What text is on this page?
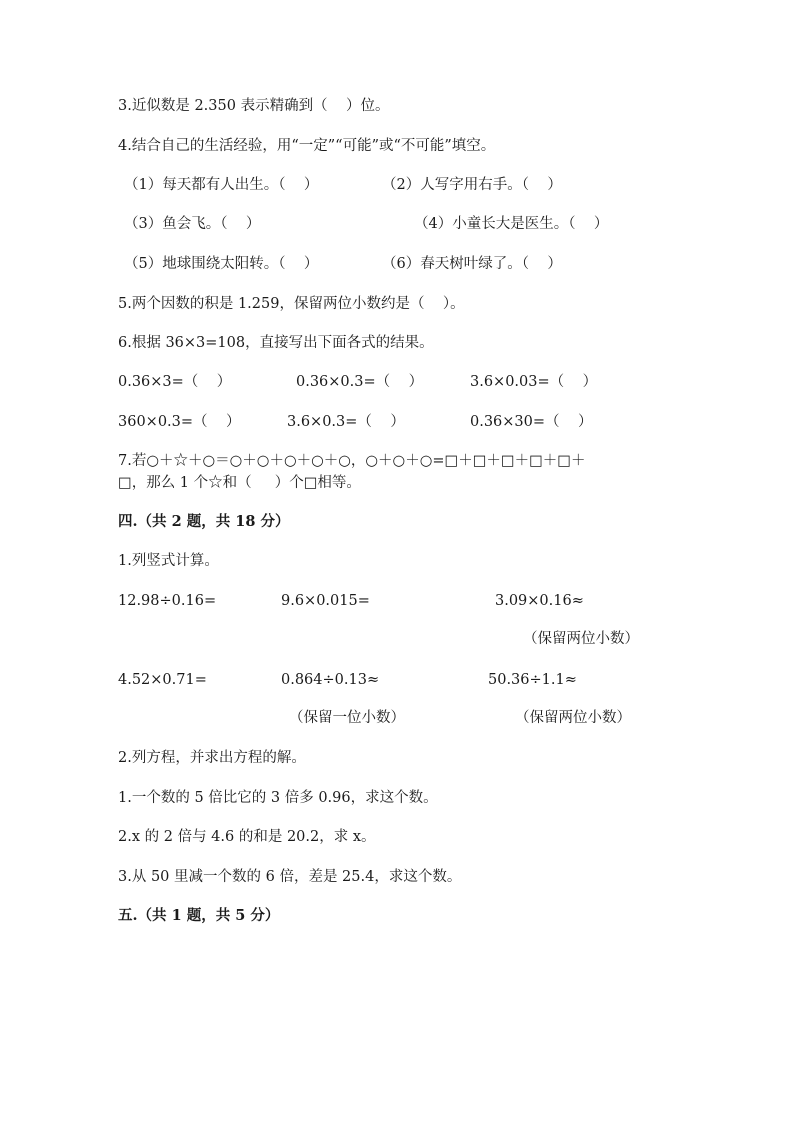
3.近似数是 2.350 表示精确到（    ）位。
4.结合自己的生活经验，用“一定”“可能”或“不可能”填空。
（1）每天都有人出生。（    ）	（2）人写字用右手。（    ）
（3）鱼会飞。（    ）	（4）小童长大是医生。（    ）
（5）地球围绕太阳转。（    ）	（6）春天树叶绿了。（    ）
5.两个因数的积是 1.259，保留两位小数约是（    ）。
6.根据 36×3=108，直接写出下面各式的结果。
0.36×3=（    ）	0.36×0.3=（    ）	3.6×0.03=（    ）
360×0.3=（    ）	3.6×0.3=（    ）	0.36×30=（    ）
7.若○＋☆＋○＝○＋○＋○＋○＋○，○＋○＋○=□＋□＋□＋□＋□＋
□，那么 1 个☆和（     ）个□相等。
四.（共 2 题，共 18 分）
1.列竖式计算。
12.98÷0.16=	9.6×0.015=	3.09×0.16≈
（保留两位小数）
4.52×0.71=	0.864÷0.13≈	50.36÷1.1≈
（保留一位小数）	（保留两位小数）
2.列方程，并求出方程的解。
1.一个数的 5 倍比它的 3 倍多 0.96，求这个数。
2.x 的 2 倍与 4.6 的和是 20.2，求 x。
3.从 50 里减一个数的 6 倍，差是 25.4，求这个数。
五.（共 1 题，共 5 分）
